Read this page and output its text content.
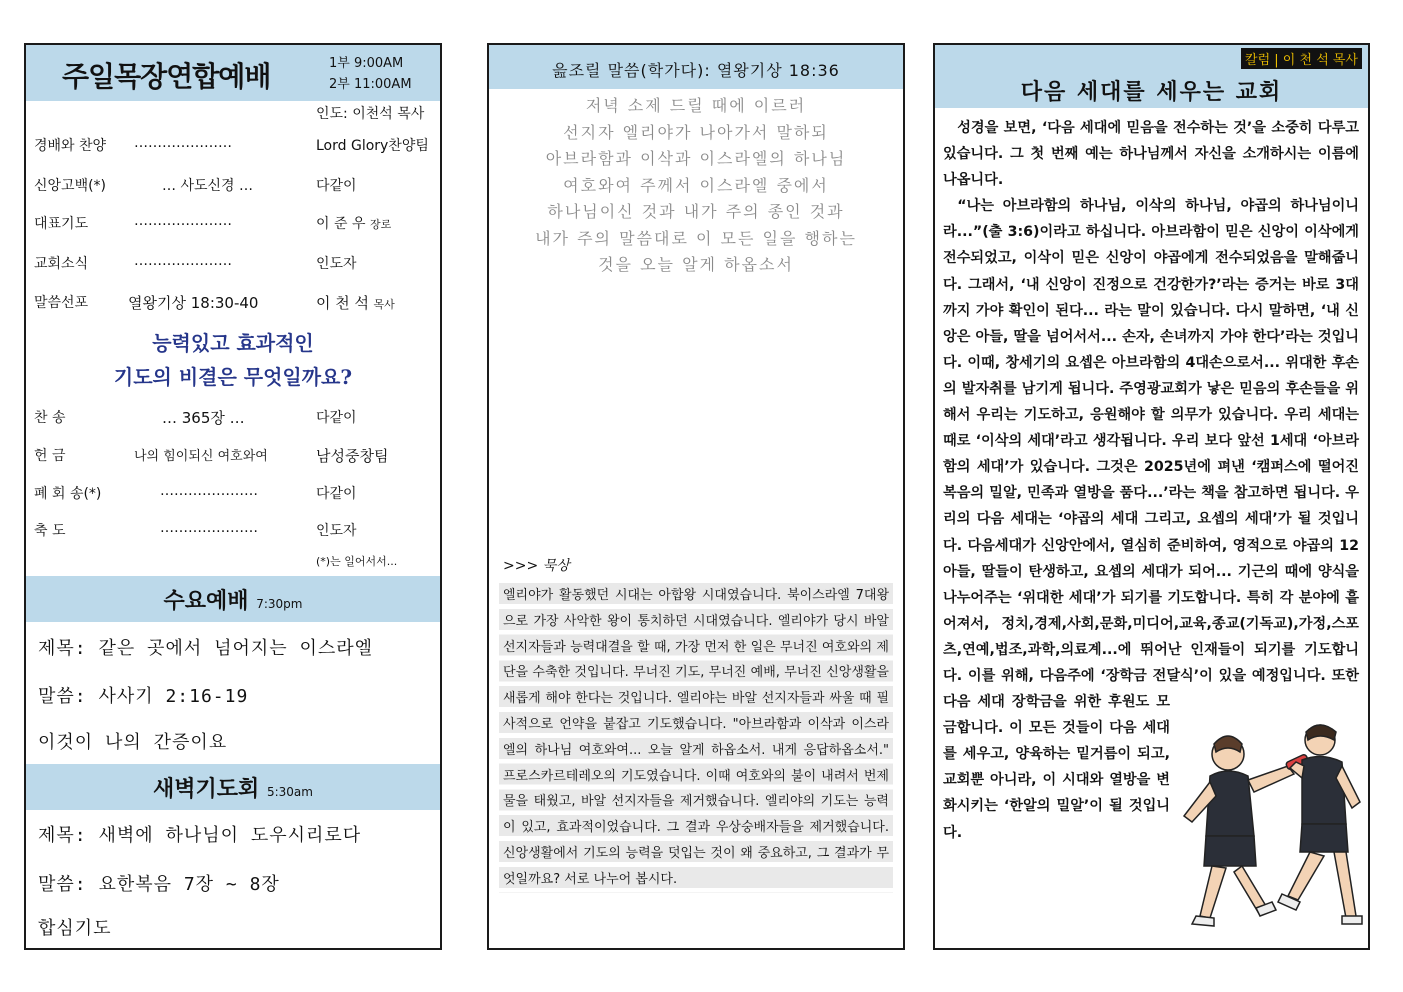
주일목장연합예배	1부 9:00AM
2부 11:00AM
인도: 이천석 목사
경배와 찬양 …………………	Lord Glory찬양팀
신앙고백(*)	… 사도신경 …	다같이
대표기도	…………………	이 준 우 장로
교회소식	…………………	인도자
말씀선포	열왕기상 18:30-40	이 천 석 목사
능력있고 효과적인
기도의 비결은 무엇일까요?
찬 송	… 365장 …	다같이
헌 금	나의 힘이되신 여호와여	남성중창팀
폐 회 송(*)	…………………	다같이
축 도	…………………	인도자
(*)는 일어서서...
수요예배 7:30pm
제목: 같은 곳에서 넘어지는 이스라엘
말씀: 사사기 2:16-19
이것이 나의 간증이요
새벽기도회 5:30am
제목: 새벽에 하나님이 도우시리로다
말씀: 요한복음 7장 ~ 8장
합심기도
읊조릴 말씀(학가다): 열왕기상 18:36
저녁 소제 드릴 때에 이르러
선지자 엘리야가 나아가서 말하되
아브라함과 이삭과 이스라엘의 하나님
여호와여 주께서 이스라엘 중에서
하나님이신 것과 내가 주의 종인 것과
내가 주의 말씀대로 이 모든 일을 행하는
것을 오늘 알게 하옵소서
>>> 묵상
엘리야가 활동했던 시대는 아합왕 시대였습니다. 북이스라엘 7대왕으로 가장 사악한 왕이 통치하던 시대였습니다. 엘리야가 당시 바알선지자들과 능력대결을 할 때, 가장 먼저 한 일은 무너진 여호와의 제단을 수축한 것입니다. 무너진 기도, 무너진 예배, 무너진 신앙생활을 새롭게 해야 한다는 것입니다. 엘리야는 바알 선지자들과 싸울 때 필사적으로 언약을 붙잡고 기도했습니다. "아브라함과 이삭과 이스라엘의 하나님 여호와여... 오늘 알게 하옵소서. 내게 응답하옵소서." 프로스카르테레오의 기도였습니다. 이때 여호와의 불이 내려서 번제물을 태웠고, 바알 선지자들을 제거했습니다. 엘리야의 기도는 능력이 있고, 효과적이었습니다. 그 결과 우상숭배자들을 제거했습니다. 신앙생활에서 기도의 능력을 덧입는 것이 왜 중요하고, 그 결과가 무엇일까요? 서로 나누어 봅시다.
칼럼 | 이 천 석 목사
다음 세대를 세우는 교회

성경을 보면, ‘다음 세대에 믿음을 전수하는 것’을 소중히 다루고 있습니다. 그 첫 번째 예는 하나님께서 자신을 소개하시는 이름에 나옵니다.

“나는 아브라함의 하나님, 이삭의 하나님, 야곱의 하나님이니라...”(출 3:6)이라고 하십니다. 아브라함이 믿은 신앙이 이삭에게 전수되었고, 이삭이 믿은 신앙이 야곱에게 전수되었음을 말해줍니다. 그래서, ‘내 신앙이 진정으로 건강한가?’라는 증거는 바로 3대까지 가야 확인이 된다... 라는 말이 있습니다. 다시 말하면, ‘내 신앙은 아들, 딸을 넘어서서... 손자, 손녀까지 가야 한다’라는 것입니다. 이때, 창세기의 요셉은 아브라함의 4대손으로서... 위대한 후손의 발자취를 남기게 됩니다. 주영광교회가 낳은 믿음의 후손들을 위해서 우리는 기도하고, 응원해야 할 의무가 있습니다. 우리 세대는 때로 ‘이삭의 세대’라고 생각됩니다. 우리 보다 앞선 1세대 ‘아브라함의 세대’가 있습니다. 그것은 2025년에 펴낸 ‘캠퍼스에 떨어진 복음의 밀알, 민족과 열방을 품다...’라는 책을 참고하면 됩니다. 우리의 다음 세대는 ‘야곱의 세대 그리고, 요셉의 세대’가 될 것입니다. 다음세대가 신앙안에서, 열심히 준비하여, 영적으로 야곱의 12아들, 딸들이 탄생하고, 요셉의 세대가 되어... 기근의 때에 양식을 나누어주는 ‘위대한 세대’가 되기를 기도합니다. 특히 각 분야에 흩어져서, 정치,경제,사회,문화,미디어,교육,종교(기독교),가정,스포츠,연예,법조,과학,의료계...에 뛰어난 인재들이 되기를 기도합니다. 이를 위해, 다음주에 ‘장학금 전달식’이 있을 예정입니다. 또한 다음 세대 장학금을 위한 후원도 모금합니다. 이 모든 것들이 다음 세대를 세우고, 양육하는 밑거름이 되고, 교회뿐 아니라, 이 시대와 열방을 변화시키는 ‘한알의 밀알’이 될 것입니다.
